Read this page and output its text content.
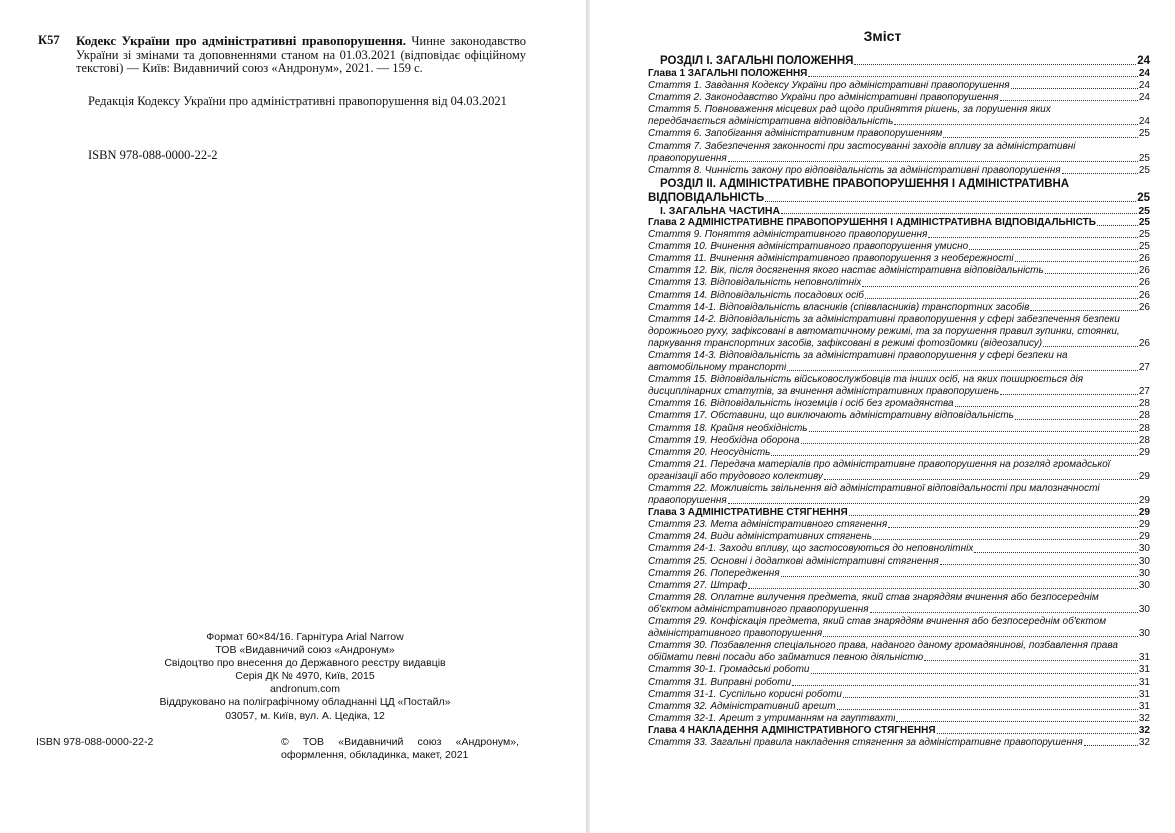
К57 Кодекс України про адміністративні правопорушення. Чинне законодавство України зі змінами та доповненнями станом на 01.03.2021 (відповідає офіційному текстові) — Київ: Видавничий союз «Андронум», 2021. — 159 с.
Редакція Кодексу України про адміністративні правопорушення від 04.03.2021
ISBN 978-088-0000-22-2
Формат 60×84/16. Гарнітура Arial Narrow
ТОВ «Видавничий союз «Андронум»
Свідоцтво про внесення до Державного реєстру видавців
Серія ДК № 4970, Київ, 2015
andronum.com
Віддруковано на поліграфічному обладнанні ЦД «Постайл»
03057, м. Київ, вул. А. Цедіка, 12
ISBN 978-088-0000-22-2	© ТОВ «Видавничий союз «Андронум»,
оформлення, обкладинка, макет, 2021
Зміст
РОЗДІЛ І. ЗАГАЛЬНІ ПОЛОЖЕННЯ	24
Глава 1 ЗАГАЛЬНІ ПОЛОЖЕННЯ	24
Стаття 1. Завдання Кодексу України про адміністративні правопорушення	24
Стаття 2. Законодавство України про адміністративні правопорушення	24
Стаття 5. Повноваження місцевих рад щодо прийняття рішень, за порушення яких
передбачається адміністративна відповідальність	24
Стаття 6. Запобігання адміністративним правопорушенням	25
Стаття 7. Забезпечення законності при застосуванні заходів впливу за адміністративні
правопорушення	25
Стаття 8. Чинність закону про відповідальність за адміністративні правопорушення	25
РОЗДІЛ II. АДМІНІСТРАТИВНЕ ПРАВОПОРУШЕННЯ І АДМІНІСТРАТИВНА
ВІДПОВІДАЛЬНІСТЬ	25
І. ЗАГАЛЬНА ЧАСТИНА	25
Глава 2 АДМІНІСТРАТИВНЕ ПРАВОПОРУШЕННЯ І АДМІНІСТРАТИВНА ВІДПОВІДАЛЬНІСТЬ	25
Стаття 9. Поняття адміністративного правопорушення	25
Стаття 10. Вчинення адміністративного правопорушення умисно	25
Стаття 11. Вчинення адміністративного правопорушення з необережності	26
Стаття 12. Вік, після досягнення якого настає адміністративна відповідальність	26
Стаття 13. Відповідальність неповнолітніх	26
Стаття 14. Відповідальність посадових осіб	26
Стаття 14-1. Відповідальність власників (співвласників) транспортних засобів	26
Стаття 14-2. Відповідальність за адміністративні правопорушення у сфері забезпечення безпеки
дорожнього руху, зафіксовані в автоматичному режимі, та за порушення правил зупинки, стоянки,
паркування транспортних засобів, зафіксовані в режимі фотозйомки (відеозапису)	26
Стаття 14-3. Відповідальність за адміністративні правопорушення у сфері безпеки на
автомобільному транспорті	27
Стаття 15. Відповідальність військовослужбовців та інших осіб, на яких поширюється дія
дисциплінарних статутів, за вчинення адміністративних правопорушень	27
Стаття 16. Відповідальність іноземців і осіб без громадянства	28
Стаття 17. Обставини, що виключають адміністративну відповідальність	28
Стаття 18. Крайня необхідність	28
Стаття 19. Необхідна оборона	28
Стаття 20. Неосудність	29
Стаття 21. Передача матеріалів про адміністративне правопорушення на розгляд громадської
організації або трудового колективу	29
Стаття 22. Можливість звільнення від адміністративної відповідальності при малозначності
правопорушення	29
Глава 3 АДМІНІСТРАТИВНЕ СТЯГНЕННЯ	29
Стаття 23. Мета адміністративного стягнення	29
Стаття 24. Види адміністративних стягнень	29
Стаття 24-1. Заходи впливу, що застосовуються до неповнолітніх	30
Стаття 25. Основні і додаткові адміністративні стягнення	30
Стаття 26. Попередження	30
Стаття 27. Штраф	30
Стаття 28. Оплатне вилучення предмета, який став знаряддям вчинення або безпосереднім
об'єктом адміністративного правопорушення	30
Стаття 29. Конфіскація предмета, який став знаряддям вчинення або безпосереднім об'єктом
адміністративного правопорушення	30
Стаття 30. Позбавлення спеціального права, наданого даному громадянинові, позбавлення права
обіймати певні посади або займатися певною діяльністю	31
Стаття 30-1. Громадські роботи	31
Стаття 31. Виправні роботи	31
Стаття 31-1. Суспільно корисні роботи	31
Стаття 32. Адміністративний арешт	31
Стаття 32-1. Арешт з утриманням на гауптвахті	32
Глава 4 НАКЛАДЕННЯ АДМІНІСТРАТИВНОГО СТЯГНЕННЯ	32
Стаття 33. Загальні правила накладення стягнення за адміністративне правопорушення	32
